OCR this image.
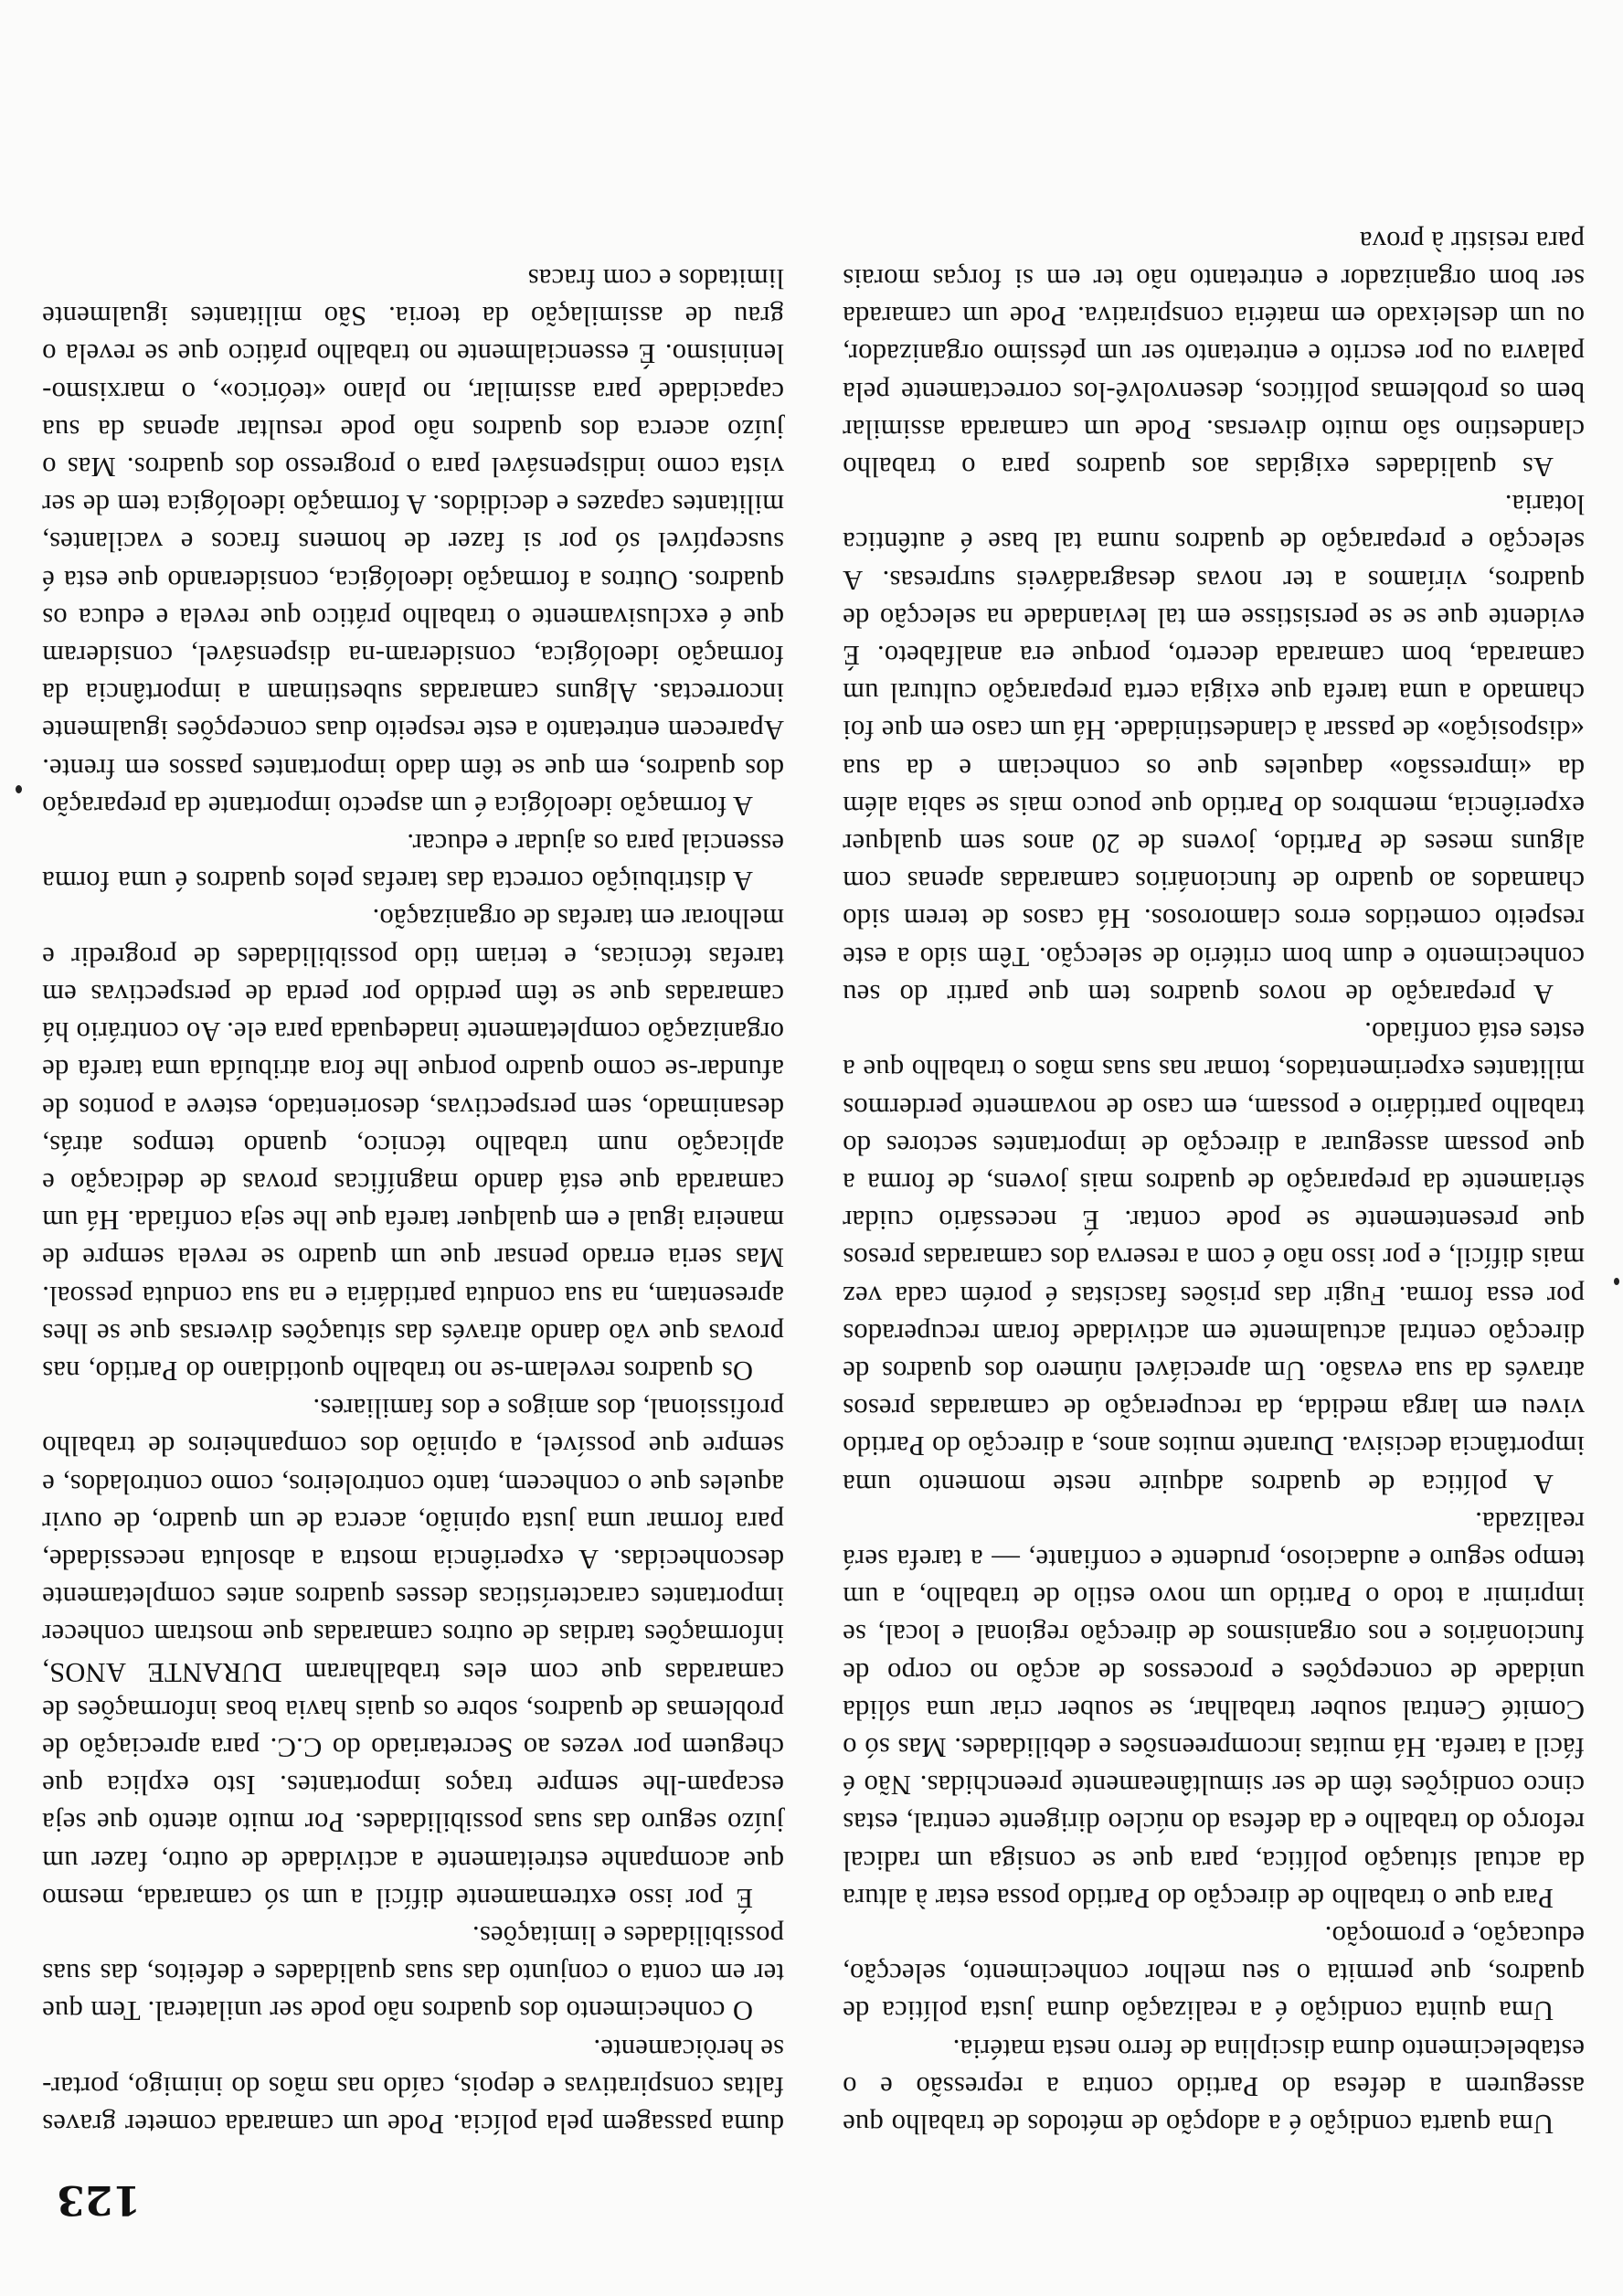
123

Uma quarta condição é a adopção de métodos de trabalho que assegurem a defesa do Partido contra a repressão e o estabelecimento duma disciplina de ferro nesta matéria.

Uma quinta condição é a realização duma justa política de quadros, que permita o seu melhor conhecimento, selecção, educação, e promoção.

Para que o trabalho de direcção do Partido possa estar à altura da actual situação política, para que se consiga um radical reforço do trabalho e da defesa do núcleo dirigente central, estas cinco condições têm de ser simultâneamente preenchidas. Não é fácil a tarefa. Há muitas incompreensões e debilidades. Mas só o Comité Central souber trabalhar, se souber criar uma sólida unidade de concepções e processos de acção no corpo de funcionários e nos organismos de direcção regional e local, se imprimir a todo o Partido um novo estilo de trabalho, a um tempo seguro e audacioso, prudente e confiante, — a tarefa será realizada.

A política de quadros adquire neste momento uma importância decisiva. Durante muitos anos, a direcção do Partido viveu em larga medida, da recuperação de camaradas presos através da sua evasão. Um apreciável número dos quadros de direcção central actualmente em actividade foram recuperados por essa forma. Fugir das prisões fascistas é porém cada vez mais difícil, e por isso não é com a reserva dos camaradas presos que presentemente se pode contar. É necessário cuidar sèriamente da preparação de quadros mais jovens, de forma a que possam assegurar a direcção de importantes sectores do trabalho partidário e possam, em caso de novamente perdermos militantes experimentados, tomar nas suas mãos o trabalho que a estes está confiado.

A preparação de novos quadros tem que partir do seu conhecimento e dum bom critério de selecção. Têm sido a este respeito cometidos erros clamorosos. Há casos de terem sido chamados ao quadro de funcionários camaradas apenas com alguns meses de Partido, jovens de 20 anos sem qualquer experiência, membros do Partido que pouco mais se sabia além da «impressão» daqueles que os conheciam e da sua «disposição» de passar à clandestinidade. Há um caso em que foi chamado a uma tarefa que exigia certa preparação cultural um camarada, bom camarada decerto, porque era analfabeto. É evidente que se se persistisse em tal leviandade na selecção de quadros, viríamos a ter novas desagradáveis surpresas. A selecção e preparação de quadros numa tal base é autêntica lotaria.

As qualidades exigidas aos quadros para o trabalho clandestino são muito diversas. Pode um camarada assimilar bem os problemas políticos, desenvolvê-los correctamente pela palavra ou por escrito e entretanto ser um péssimo organizador, ou um desleixado em matéria conspirativa. Pode um camarada ser bom organizador e entretanto não ter em si forças morais para resistir à prova

duma passagem pela polícia. Pode um camarada cometer graves faltas conspirativas e depois, caído nas mãos do inimigo, portar-se heròicamente.

O conhecimento dos quadros não pode ser unilateral. Tem que ter em conta o conjunto das suas qualidades e defeitos, das suas possibilidades e limitações.

É por isso extremamente difícil a um só camarada, mesmo que acompanhe estreitamente a actividade de outro, fazer um juízo seguro das suas possibilidades. Por muito atento que seja escapam-lhe sempre traços importantes. Isto explica que cheguem por vezes ao Secretariado do C.C. para apreciação de problemas de quadros, sobre os quais havia boas informações de camaradas que com eles trabalharam DURANTE ANOS, informações tardias de outros camaradas que mostram conhecer importantes características desses quadros antes completamente desconhecidas. A experiência mostra a absoluta necessidade, para formar uma justa opinião, acerca de um quadro, de ouvir aqueles que o conhecem, tanto controleiros, como controlados, e sempre que possível, a opinião dos companheiros de trabalho profissional, dos amigos e dos familiares.

Os quadros revelam-se no trabalho quotidiano do Partido, nas provas que vão dando através das situações diversas que se lhes apresentam, na sua conduta partidária e na sua conduta pessoal. Mas seria errado pensar que um quadro se revela sempre de maneira igual e em qualquer tarefa que lhe seja confiada. Há um camarada que está dando magníficas provas de dedicação e aplicação num trabalho técnico, quando tempos atrás, desanimado, sem perspectivas, desorientado, esteve a pontos de afundar-se como quadro porque lhe fora atribuída uma tarefa de organização completamente inadequada para ele. Ao contrário há camaradas que se têm perdido por perda de perspectivas em tarefas técnicas, e teriam tido possibilidades de progredir e melhorar em tarefas de organização.

A distribuição correcta das tarefas pelos quadros é uma forma essencial para os ajudar e educar.

A formação ideológica é um aspecto importante da preparação dos quadros, em que se têm dado importantes passos em frente. Aparecem entretanto a este respeito duas concepções igualmente incorrectas. Alguns camaradas subestimam a importância da formação ideológica, consideram-na dispensável, consideram que é exclusivamente o trabalho prático que revela e educa os quadros. Outros a formação ideológica, considerando que esta é susceptível só por si fazer de homens fracos e vacilantes, militantes capazes e decididos. A formação ideológica tem de ser vista como indispensável para o progresso dos quadros. Mas o juízo acerca dos quadros não pode resultar apenas da sua capacidade para assimilar, no plano «teórico», o marxismo-leninismo. É essencialmente no trabalho prático que se revela o grau de assimilação da teoria. São militantes igualmente limitados e com fracas
